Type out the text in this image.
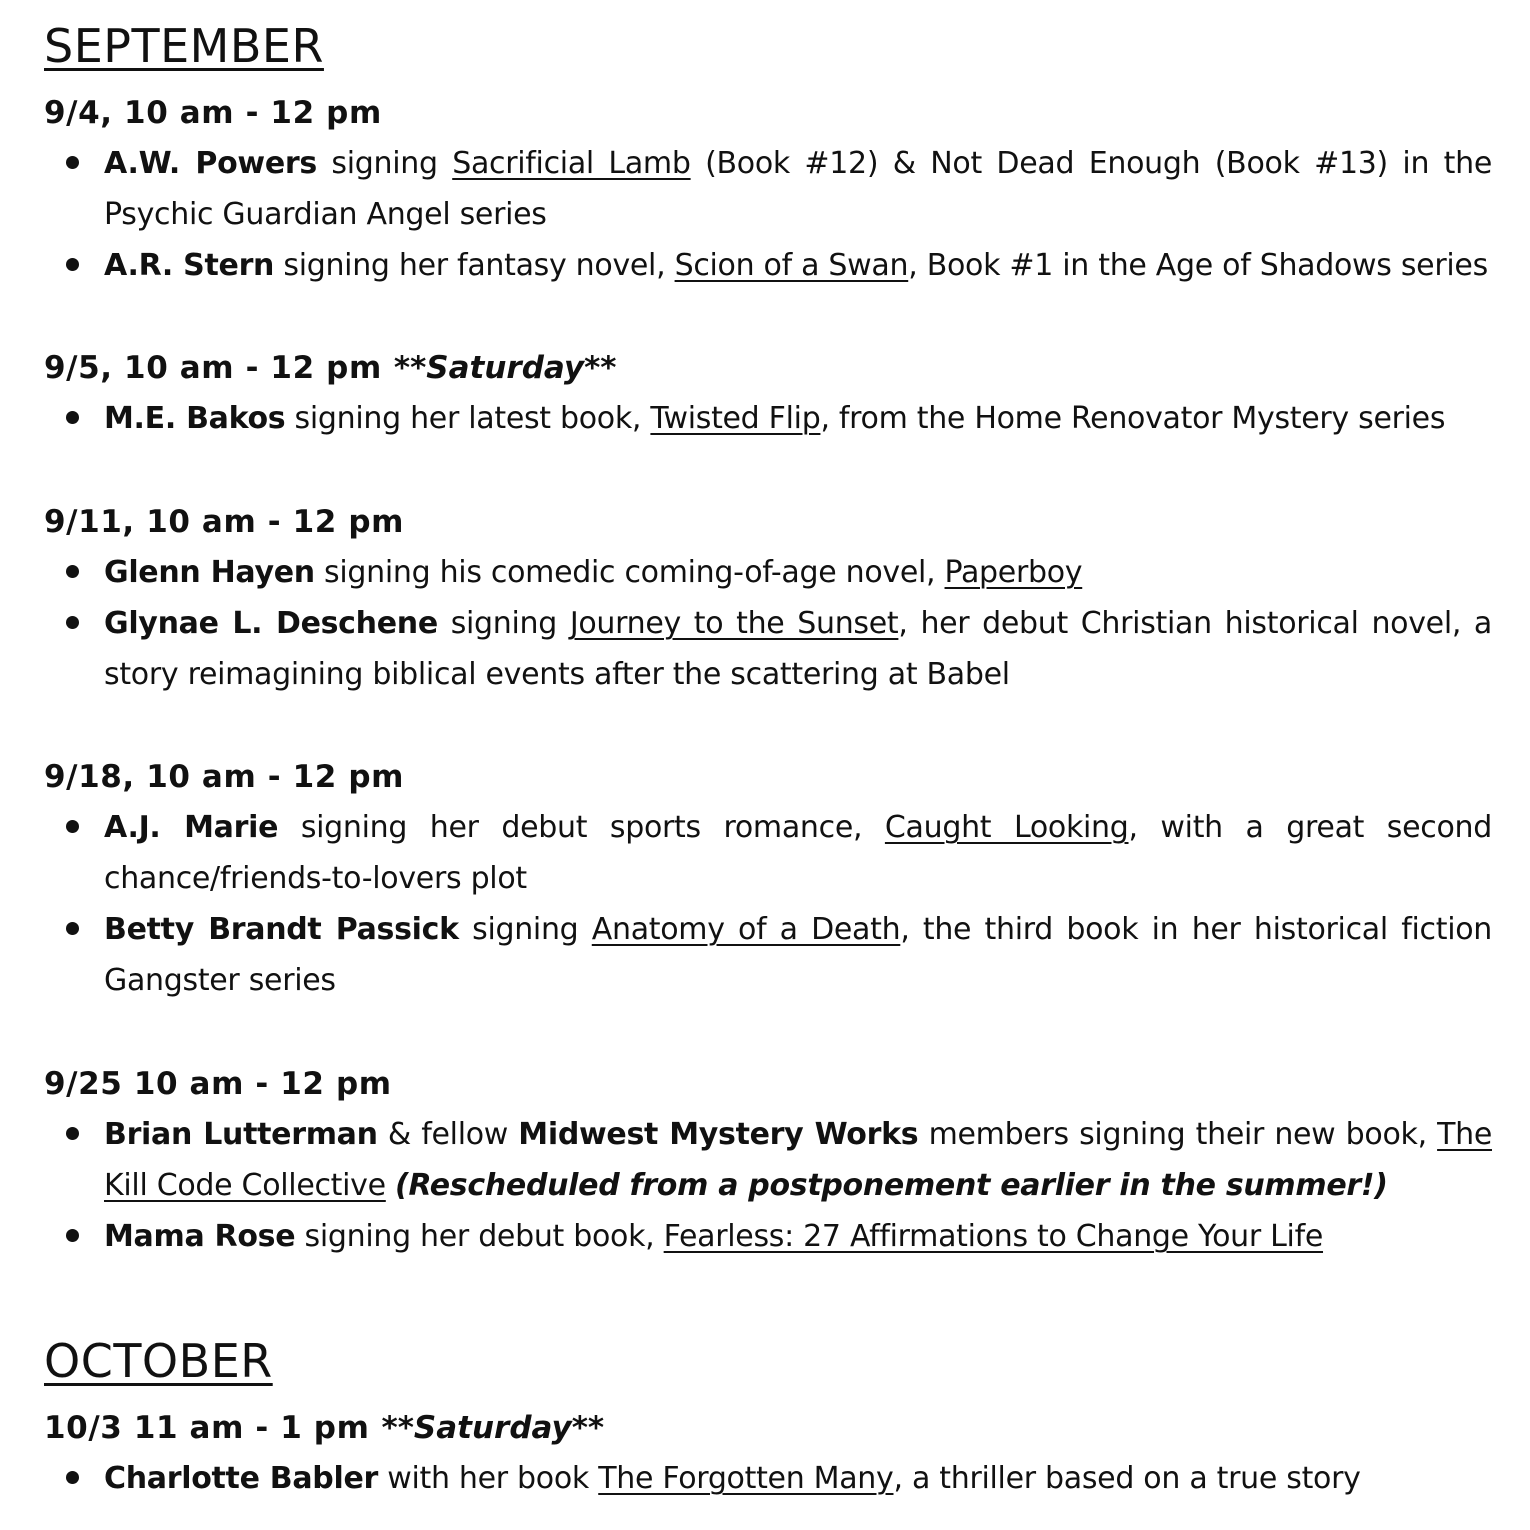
SEPTEMBER

9/4, 10 am - 12 pm

A.W. Powers signing Sacrificial Lamb (Book #12) & Not Dead Enough (Book #13) in the Psychic Guardian Angel series
A.R. Stern signing her fantasy novel, Scion of a Swan, Book #1 in the Age of Shadows series

9/5, 10 am - 12 pm **Saturday**

M.E. Bakos signing her latest book, Twisted Flip, from the Home Renovator Mystery series

9/11, 10 am - 12 pm

Glenn Hayen signing his comedic coming-of-age novel, Paperboy
Glynae L. Deschene signing Journey to the Sunset, her debut Christian historical novel, a story reimagining biblical events after the scattering at Babel

9/18, 10 am - 12 pm

A.J. Marie signing her debut sports romance, Caught Looking, with a great second chance/friends-to-lovers plot
Betty Brandt Passick signing Anatomy of a Death, the third book in her historical fiction Gangster series

9/25 10 am - 12 pm

Brian Lutterman & fellow Midwest Mystery Works members signing their new book, The Kill Code Collective (Rescheduled from a postponement earlier in the summer!)
Mama Rose signing her debut book, Fearless: 27 Affirmations to Change Your Life
OCTOBER

10/3 11 am - 1 pm **Saturday**

Charlotte Babler with her book The Forgotten Many, a thriller based on a true story
